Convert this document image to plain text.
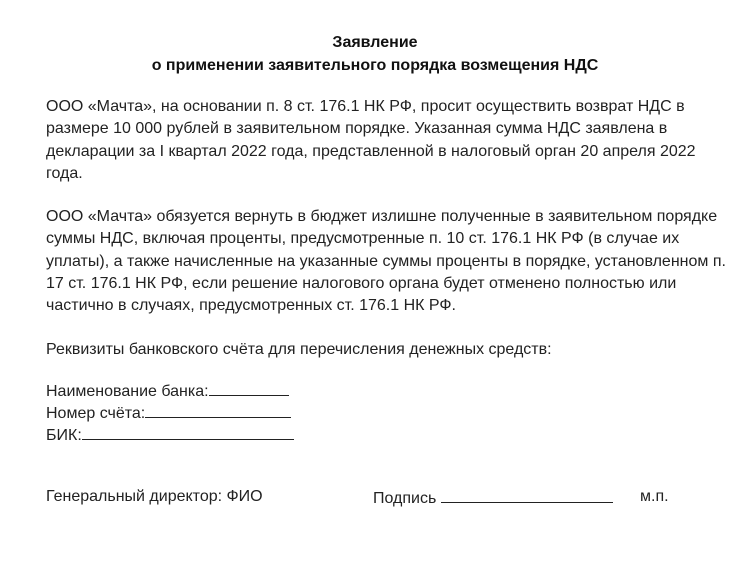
Заявление
о применении заявительного порядка возмещения НДС

ООО «Мачта», на основании п. 8 ст. 176.1 НК РФ, просит осуществить возврат НДС в размере 10 000 рублей в заявительном порядке. Указанная сумма НДС заявлена в декларации за I квартал 2022 года, представленной в налоговый орган 20 апреля 2022 года.

ООО «Мачта» обязуется вернуть в бюджет излишне полученные в заявительном порядке суммы НДС, включая проценты, предусмотренные п. 10 ст. 176.1 НК РФ (в случае их уплаты), а также начисленные на указанные суммы проценты в порядке, установленном п. 17 ст. 176.1 НК РФ, если решение налогового органа будет отменено полностью или частично в случаях, предусмотренных ст. 176.1 НК РФ.

Реквизиты банковского счёта для перечисления денежных средств:

Наименование банка:
Номер счёта:
БИК:
Генеральный директор: ФИО	Подпись	м.п.
